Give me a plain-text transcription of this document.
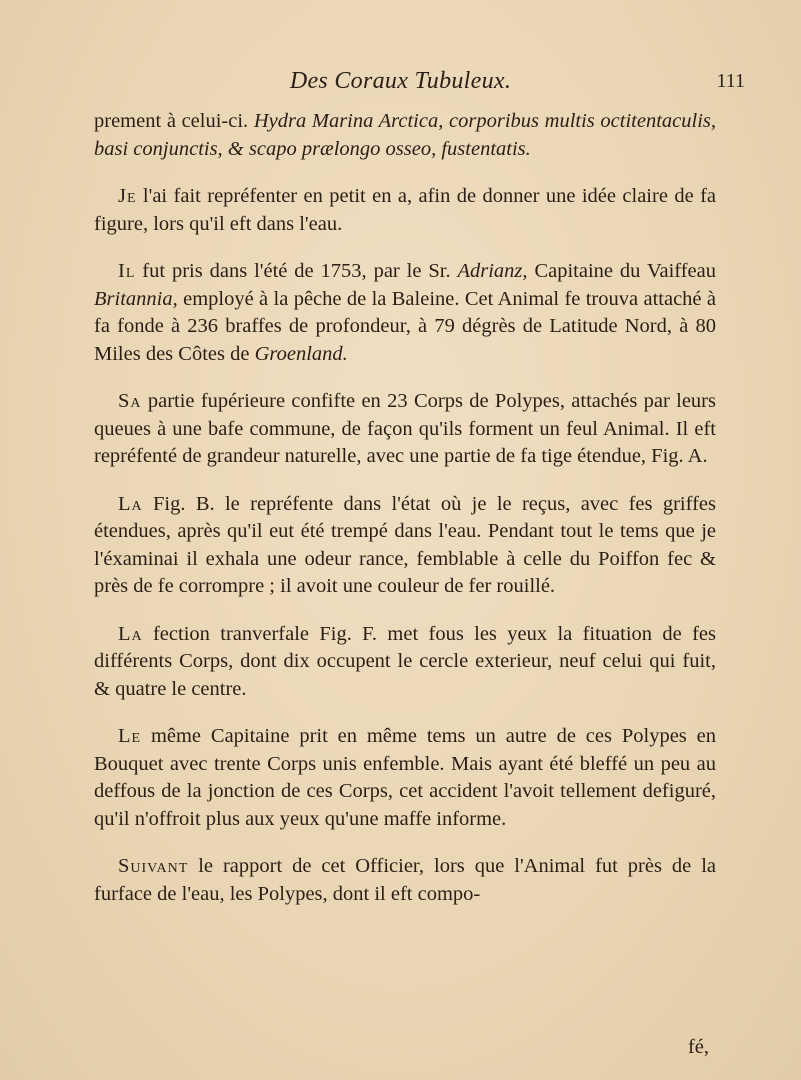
Des Coraux Tubuleux.	111

prement à celui-ci. Hydra Marina Arctica, corporibus multis octitentaculis, basi conjunctis, & scapo prælongo osseo, fustentatis.

Je l'ai fait repréfenter en petit en a, afin de donner une idée claire de fa figure, lors qu'il eft dans l'eau.

Il fut pris dans l'été de 1753, par le Sr. Adrianz, Capitaine du Vaiffeau Britannia, employé à la pêche de la Baleine. Cet Animal fe trouva attaché à fa fonde à 236 braffes de profondeur, à 79 dégrès de Latitude Nord, à 80 Miles des Côtes de Groenland.

Sa partie fupérieure confifte en 23 Corps de Polypes, attachés par leurs queues à une bafe commune, de façon qu'ils forment un feul Animal. Il eft repréfenté de grandeur naturelle, avec une partie de fa tige étendue, Fig. A.

La Fig. B. le repréfente dans l'état où je le reçus, avec fes griffes étendues, après qu'il eut été trempé dans l'eau. Pendant tout le tems que je l'éxaminai il exhala une odeur rance, femblable à celle du Poiffon fec & près de fe corrompre ; il avoit une couleur de fer rouillé.

La fection tranverfale Fig. F. met fous les yeux la fituation de fes différents Corps, dont dix occupent le cercle exterieur, neuf celui qui fuit, & quatre le centre.

Le même Capitaine prit en même tems un autre de ces Polypes en Bouquet avec trente Corps unis enfemble. Mais ayant été bleffé un peu au deffous de la jonction de ces Corps, cet accident l'avoit tellement defiguré, qu'il n'offroit plus aux yeux qu'une maffe informe.

Suivant le rapport de cet Officier, lors que l'Animal fut près de la furface de l'eau, les Polypes, dont il eft compo-

fé,
